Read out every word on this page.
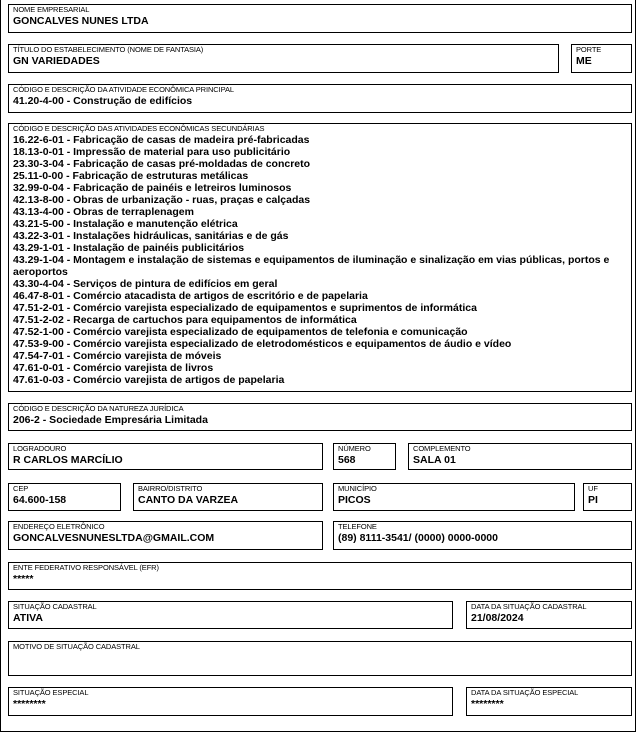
NOME EMPRESARIAL
GONCALVES NUNES LTDA
TÍTULO DO ESTABELECIMENTO (NOME DE FANTASIA)
GN VARIEDADES
PORTE
ME
CÓDIGO E DESCRIÇÃO DA ATIVIDADE ECONÔMICA PRINCIPAL
41.20-4-00 - Construção de edifícios
CÓDIGO E DESCRIÇÃO DAS ATIVIDADES ECONÔMICAS SECUNDÁRIAS
16.22-6-01 - Fabricação de casas de madeira pré-fabricadas
18.13-0-01 - Impressão de material para uso publicitário
23.30-3-04 - Fabricação de casas pré-moldadas de concreto
25.11-0-00 - Fabricação de estruturas metálicas
32.99-0-04 - Fabricação de painéis e letreiros luminosos
42.13-8-00 - Obras de urbanização - ruas, praças e calçadas
43.13-4-00 - Obras de terraplenagem
43.21-5-00 - Instalação e manutenção elétrica
43.22-3-01 - Instalações hidráulicas, sanitárias e de gás
43.29-1-01 - Instalação de painéis publicitários
43.29-1-04 - Montagem e instalação de sistemas e equipamentos de iluminação e sinalização em vias públicas, portos e aeroportos
43.30-4-04 - Serviços de pintura de edifícios em geral
46.47-8-01 - Comércio atacadista de artigos de escritório e de papelaria
47.51-2-01 - Comércio varejista especializado de equipamentos e suprimentos de informática
47.51-2-02 - Recarga de cartuchos para equipamentos de informática
47.52-1-00 - Comércio varejista especializado de equipamentos de telefonia e comunicação
47.53-9-00 - Comércio varejista especializado de eletrodomésticos e equipamentos de áudio e vídeo
47.54-7-01 - Comércio varejista de móveis
47.61-0-01 - Comércio varejista de livros
47.61-0-03 - Comércio varejista de artigos de papelaria
CÓDIGO E DESCRIÇÃO DA NATUREZA JURÍDICA
206-2 - Sociedade Empresária Limitada
LOGRADOURO
R CARLOS MARCÍLIO
NÚMERO
568
COMPLEMENTO
SALA 01
CEP
64.600-158
BAIRRO/DISTRITO
CANTO DA VARZEA
MUNICÍPIO
PICOS
UF
PI
ENDEREÇO ELETRÔNICO
GONCALVESNUNESLTDA@GMAIL.COM
TELEFONE
(89) 8111-3541/ (0000) 0000-0000
ENTE FEDERATIVO RESPONSÁVEL (EFR)
*****
SITUAÇÃO CADASTRAL
ATIVA
DATA DA SITUAÇÃO CADASTRAL
21/08/2024
MOTIVO DE SITUAÇÃO CADASTRAL
SITUAÇÃO ESPECIAL
********
DATA DA SITUAÇÃO ESPECIAL
********
